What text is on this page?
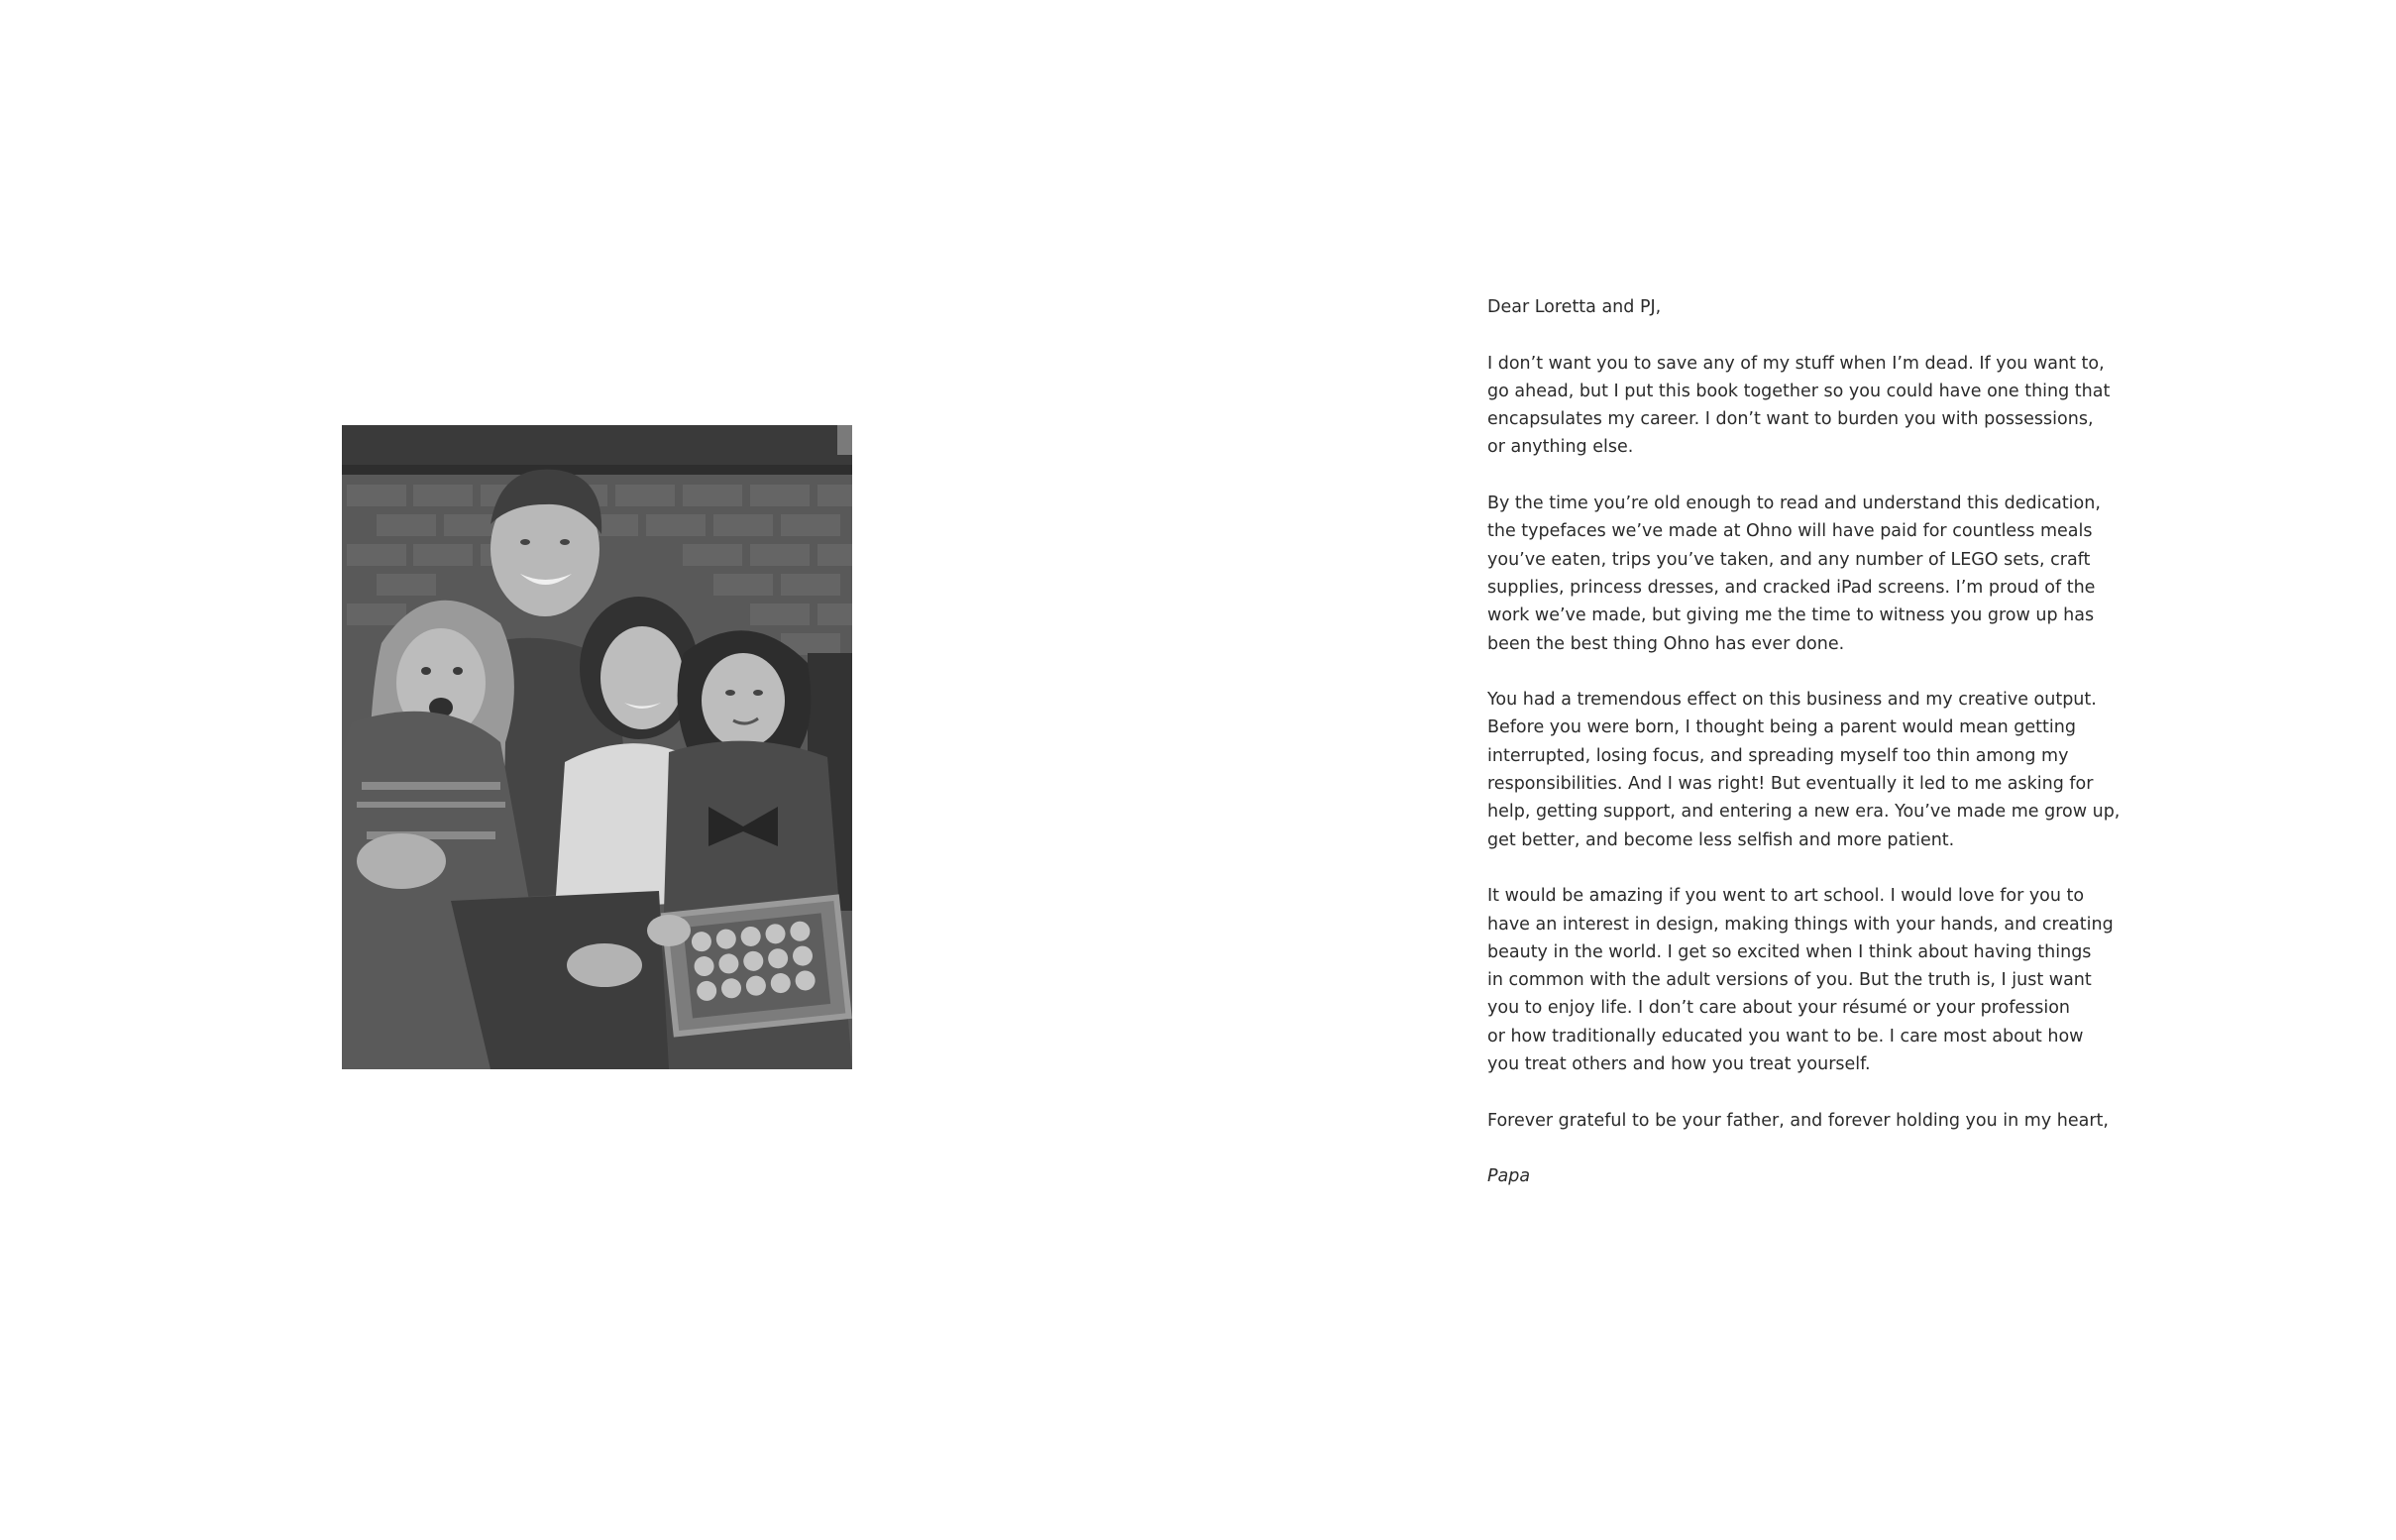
Dear Loretta and PJ,

I don’t want you to save any of my stuff when I’m dead. If you want to,
go ahead, but I put this book together so you could have one thing that
encapsulates my career. I don’t want to burden you with possessions,
or anything else.

By the time you’re old enough to read and understand this dedication,
the typefaces we’ve made at Ohno will have paid for countless meals
you’ve eaten, trips you’ve taken, and any number of LEGO sets, craft
supplies, princess dresses, and cracked iPad screens. I’m proud of the
work we’ve made, but giving me the time to witness you grow up has
been the best thing Ohno has ever done.

You had a tremendous effect on this business and my creative output.
Before you were born, I thought being a parent would mean getting
interrupted, losing focus, and spreading myself too thin among my
responsibilities. And I was right! But eventually it led to me asking for
help, getting support, and entering a new era. You’ve made me grow up,
get better, and become less selfish and more patient.

It would be amazing if you went to art school. I would love for you to
have an interest in design, making things with your hands, and creating
beauty in the world. I get so excited when I think about having things
in common with the adult versions of you. But the truth is, I just want
you to enjoy life. I don’t care about your résumé or your profession
or how traditionally educated you want to be. I care most about how
you treat others and how you treat yourself.

Forever grateful to be your father, and forever holding you in my heart,

Papa
